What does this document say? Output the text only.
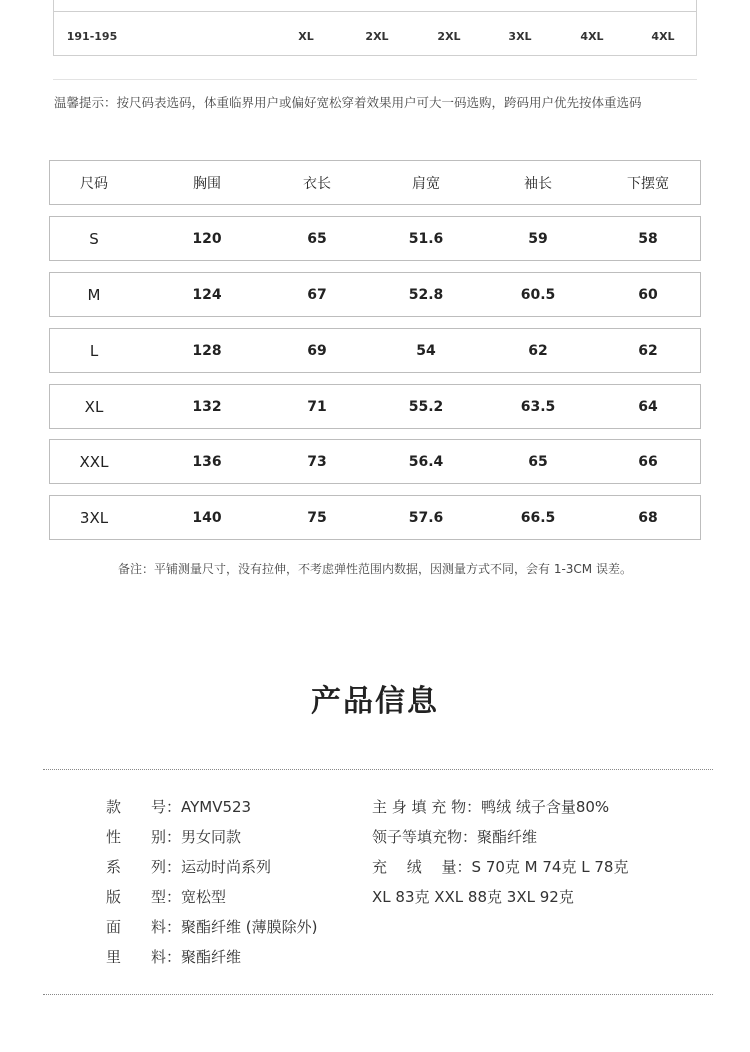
191-195	XL	2XL	2XL	3XL	4XL	4XL
温馨提示：按尺码表选码，体重临界用户或偏好宽松穿着效果用户可大一码选购，跨码用户优先按体重选码
尺码	胸围	衣长	肩宽	袖长	下摆宽
S	120	65	51.6	59	58
M	124	67	52.8	60.5	60
L	128	69	54	62	62
XL	132	71	55.2	63.5	64
XXL	136	73	56.4	65	66
3XL	140	75	57.6	66.5	68
备注：平铺测量尺寸，没有拉伸，不考虑弹性范围内数据，因测量方式不同，会有 1-3CM 误差。
产品信息
款　　号：AYMV523
性　　别：男女同款
系　　列：运动时尚系列
版　　型：宽松型
面　　料：聚酯纤维 (薄膜除外)
里　　料：聚酯纤维
主 身 填 充 物：鸭绒 绒子含量80%
领子等填充物：聚酯纤维
充　 绒　 量：S 70克 M 74克 L 78克
XL 83克 XXL 88克 3XL 92克
